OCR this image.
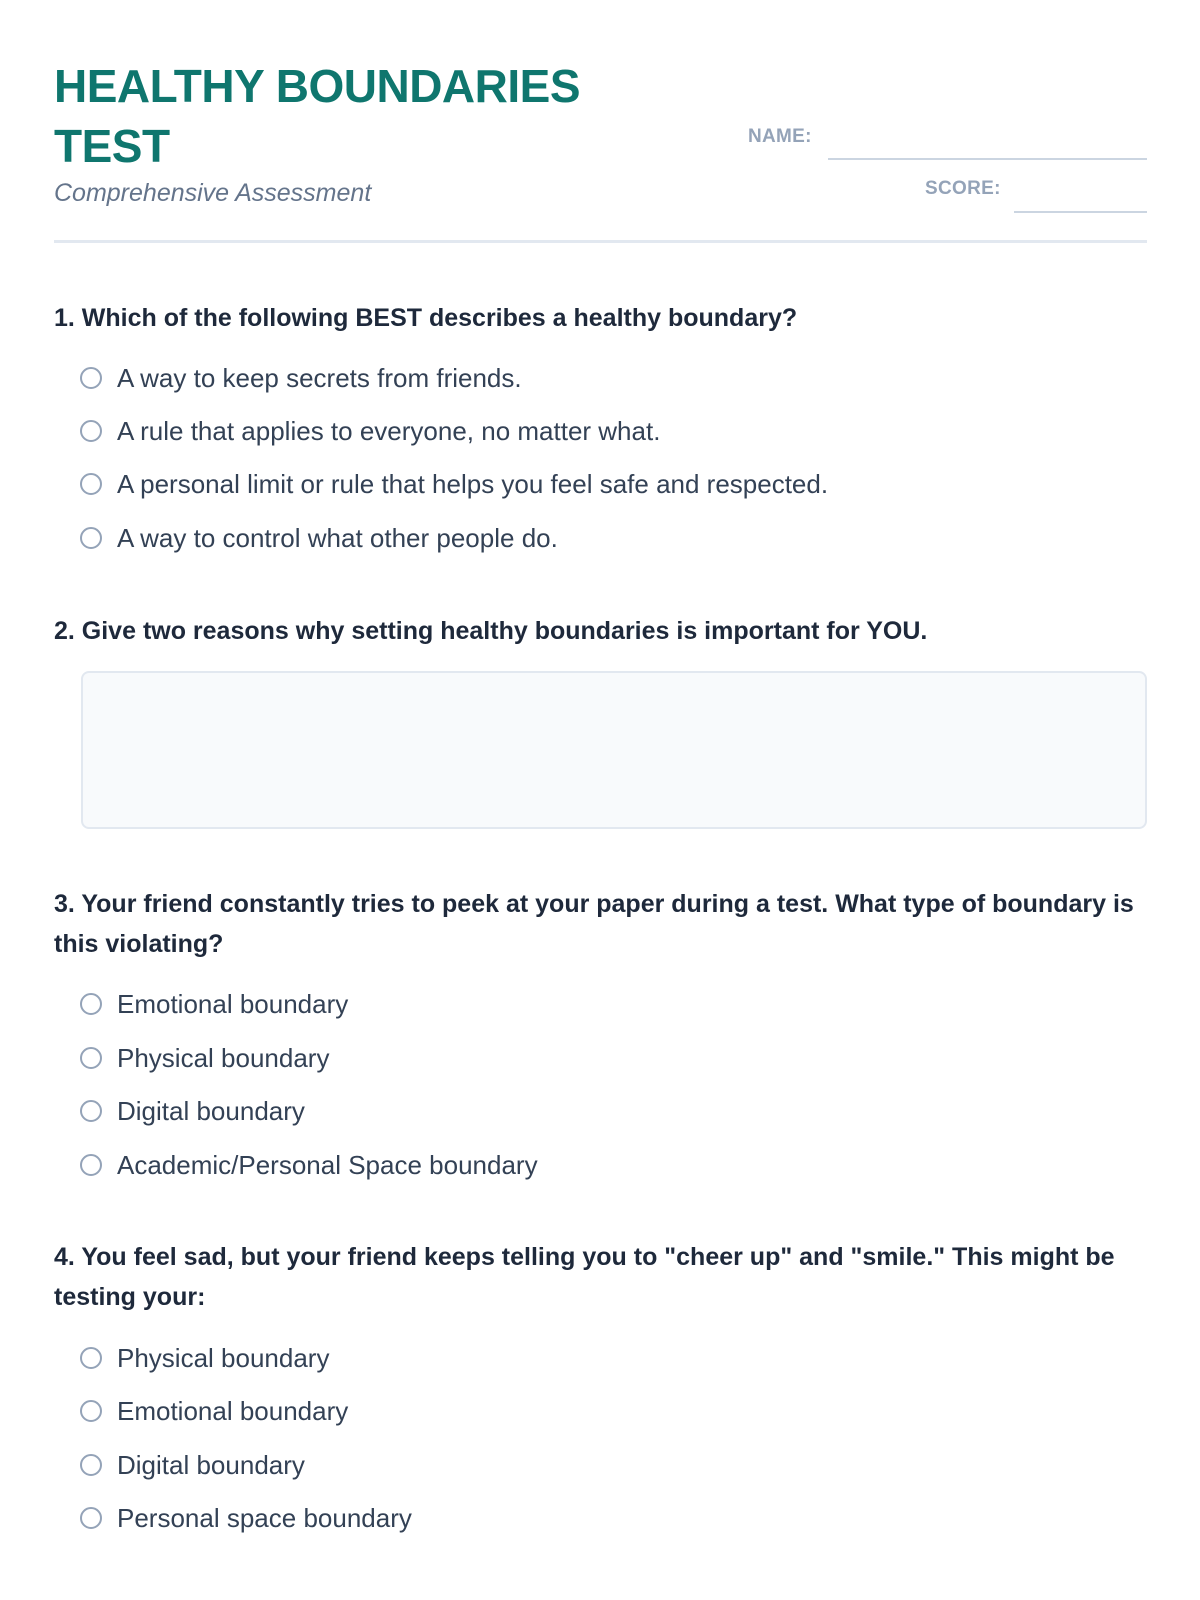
HEALTHY BOUNDARIES TEST
Comprehensive Assessment
NAME:
SCORE:

1. Which of the following BEST describes a healthy boundary?

A way to keep secrets from friends.
A rule that applies to everyone, no matter what.
A personal limit or rule that helps you feel safe and respected.
A way to control what other people do.

2. Give two reasons why setting healthy boundaries is important for YOU.

3. Your friend constantly tries to peek at your paper during a test. What type of boundary is this violating?

Emotional boundary
Physical boundary
Digital boundary
Academic/Personal Space boundary

4. You feel sad, but your friend keeps telling you to "cheer up" and "smile." This might be testing your:

Physical boundary
Emotional boundary
Digital boundary
Personal space boundary
